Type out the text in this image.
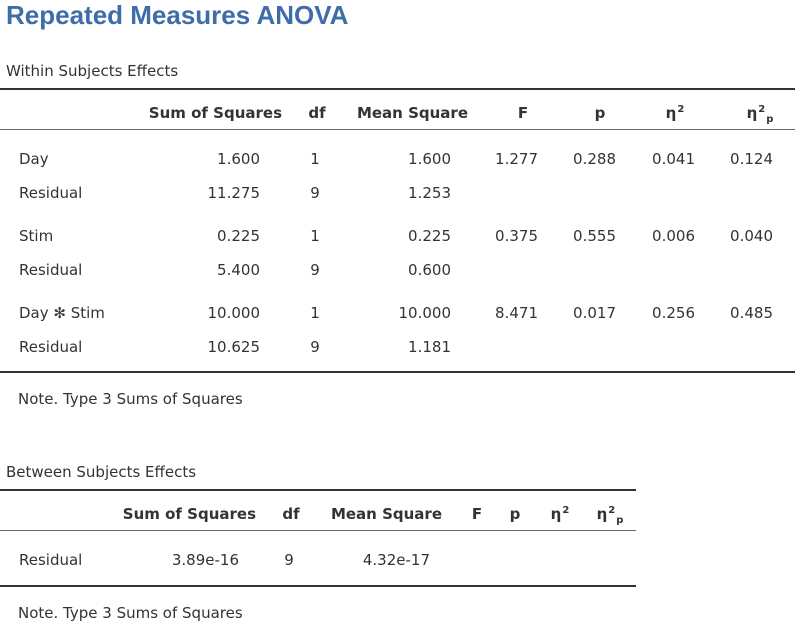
Repeated Measures ANOVA
Within Subjects Effects
Sum of Squares	df	Mean Square	F	p	$\eta^2$	$\eta^2_p$
Day	1.600	1	1.600	1.277	0.288	0.041	0.124
Residual	11.275	9	1.253
Stim	0.225	1	0.225	0.375	0.555	0.006	0.040
Residual	5.400	9	0.600
Day ✻ Stim	10.000	1	10.000	8.471	0.017	0.256	0.485
Residual	10.625	9	1.181
Note. Type 3 Sums of Squares
Between Subjects Effects
Sum of Squares	df	Mean Square	F	p	$\eta^2$	$\eta^2_p$
Residual	3.89e-16	9	4.32e-17
Note. Type 3 Sums of Squares
